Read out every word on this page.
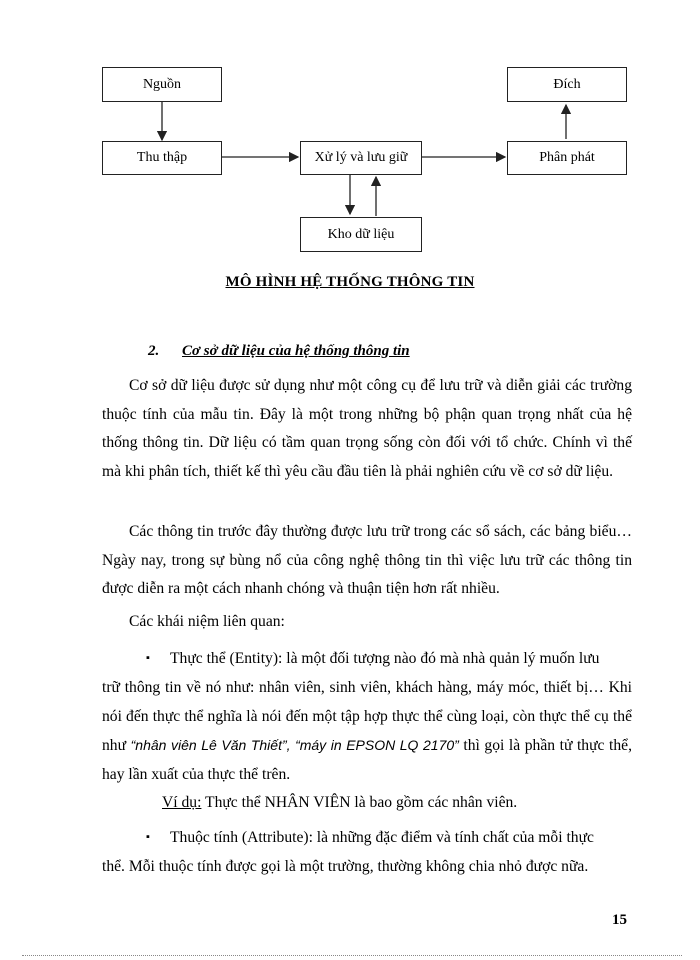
Nguồn
Thu thập	Xử lý và lưu giữ
Kho dữ liệu
Phân phát
Đích
MÔ HÌNH HỆ THỐNG THÔNG TIN
2. Cơ sở dữ liệu của hệ thống thông tin
Cơ sở dữ liệu được sử dụng như một công cụ để lưu trữ và diễn giải các trường thuộc tính của mẫu tin. Đây là một trong những bộ phận quan trọng nhất của hệ thống thông tin. Dữ liệu có tầm quan trọng sống còn đối với tổ chức. Chính vì thế mà khi phân tích, thiết kế thì yêu cầu đầu tiên là phải nghiên cứu về cơ sở dữ liệu.
Các thông tin trước đây thường được lưu trữ trong các sổ sách, các bảng biểu… Ngày nay, trong sự bùng nổ của công nghệ thông tin thì việc lưu trữ các thông tin được diễn ra một cách nhanh chóng và thuận tiện hơn rất nhiều.
Các khái niệm liên quan:
▪ Thực thể (Entity): là một đối tượng nào đó mà nhà quản lý muốn lưu
trữ thông tin về nó như: nhân viên, sinh viên, khách hàng, máy móc, thiết bị… Khi nói đến thực thể nghĩa là nói đến một tập hợp thực thể cùng loại, còn thực thể cụ thể như “nhân viên Lê Văn Thiết”, “máy in EPSON LQ 2170” thì gọi là phần tử thực thể, hay lần xuất của thực thể trên.
Ví dụ: Thực thể NHÂN VIÊN là bao gồm các nhân viên.
▪ Thuộc tính (Attribute): là những đặc điểm và tính chất của mỗi thực
thể. Mỗi thuộc tính được gọi là một trường, thường không chia nhỏ được nữa.
15
